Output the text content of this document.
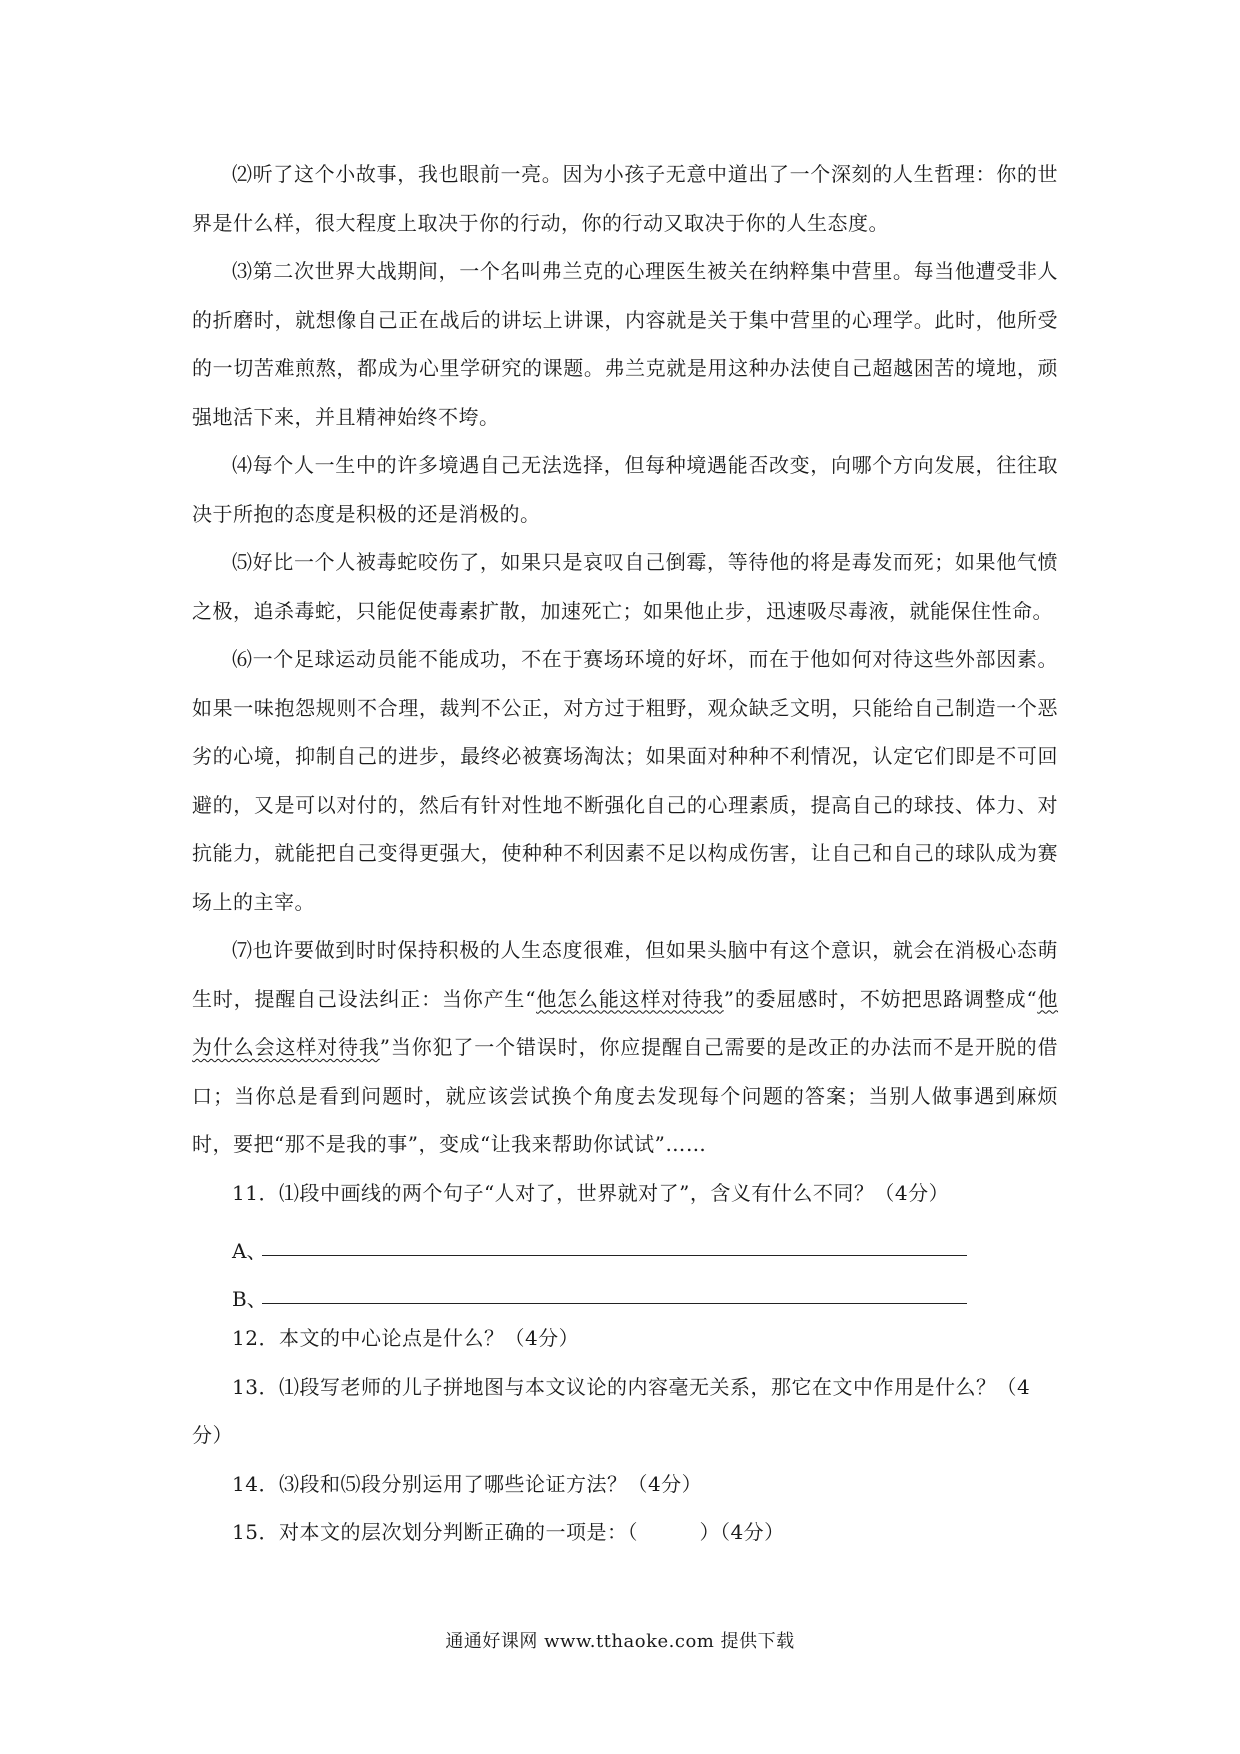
⑵听了这个小故事，我也眼前一亮。因为小孩子无意中道出了一个深刻的人生哲理：你的世界是什么样，很大程度上取决于你的行动，你的行动又取决于你的人生态度。

⑶第二次世界大战期间，一个名叫弗兰克的心理医生被关在纳粹集中营里。每当他遭受非人的折磨时，就想像自己正在战后的讲坛上讲课，内容就是关于集中营里的心理学。此时，他所受的一切苦难煎熬，都成为心里学研究的课题。弗兰克就是用这种办法使自己超越困苦的境地，顽强地活下来，并且精神始终不垮。

⑷每个人一生中的许多境遇自己无法选择，但每种境遇能否改变，向哪个方向发展，往往取决于所抱的态度是积极的还是消极的。

⑸好比一个人被毒蛇咬伤了，如果只是哀叹自己倒霉，等待他的将是毒发而死；如果他气愤之极，追杀毒蛇，只能促使毒素扩散，加速死亡；如果他止步，迅速吸尽毒液，就能保住性命。

⑹一个足球运动员能不能成功，不在于赛场环境的好坏，而在于他如何对待这些外部因素。如果一味抱怨规则不合理，裁判不公正，对方过于粗野，观众缺乏文明，只能给自己制造一个恶劣的心境，抑制自己的进步，最终必被赛场淘汰；如果面对种种不利情况，认定它们即是不可回避的，又是可以对付的，然后有针对性地不断强化自己的心理素质，提高自己的球技、体力、对抗能力，就能把自己变得更强大，使种种不利因素不足以构成伤害，让自己和自己的球队成为赛场上的主宰。

⑺也许要做到时时保持积极的人生态度很难，但如果头脑中有这个意识，就会在消极心态萌生时，提醒自己设法纠正：当你产生“他怎么能这样对待我”的委屈感时，不妨把思路调整成“他为什么会这样对待我”当你犯了一个错误时，你应提醒自己需要的是改正的办法而不是开脱的借口；当你总是看到问题时，就应该尝试换个角度去发现每个问题的答案；当别人做事遇到麻烦时，要把“那不是我的事”，变成“让我来帮助你试试”……

11．⑴段中画线的两个句子“人对了，世界就对了”，含义有什么不同？（4分）

A、
B、

12．本文的中心论点是什么？（4分）

13．⑴段写老师的儿子拼地图与本文议论的内容毫无关系，那它在文中作用是什么？（4分）

14．⑶段和⑸段分别运用了哪些论证方法？（4分）

15．对本文的层次划分判断正确的一项是：（　　　）（4分）

通通好课网 www.tthaoke.com 提供下载
